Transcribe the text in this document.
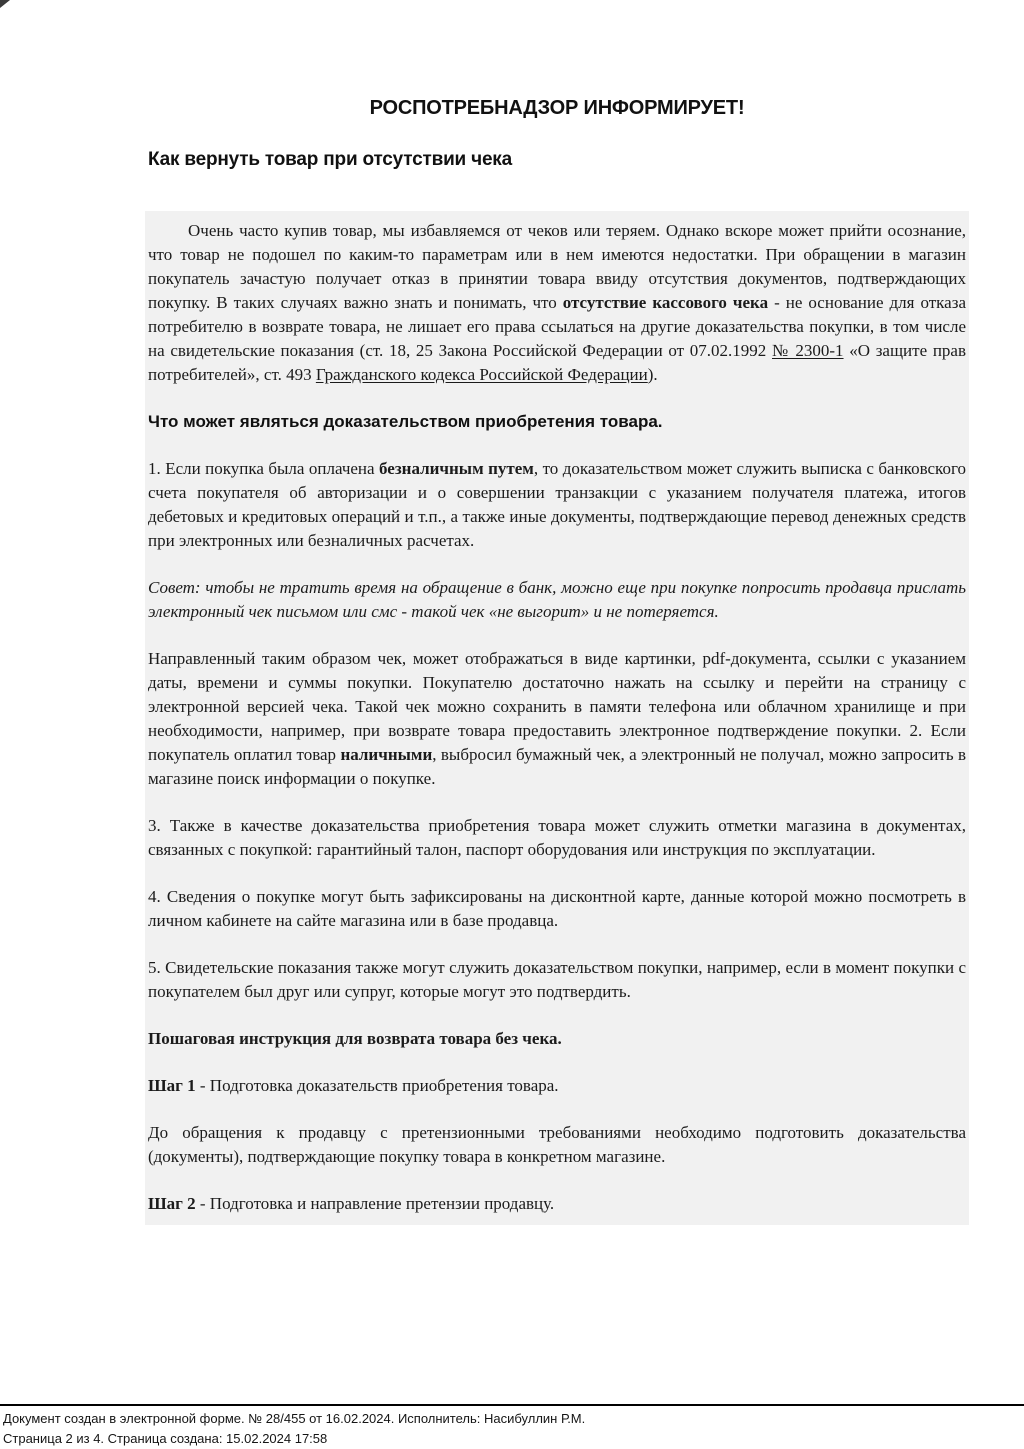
РОСПОТРЕБНАДЗОР ИНФОРМИРУЕТ!
Как вернуть товар при отсутствии чека

Очень часто купив товар, мы избавляемся от чеков или теряем. Однако вскоре может прийти осознание, что товар не подошел по каким-то параметрам или в нем имеются недостатки. При обращении в магазин покупатель зачастую получает отказ в принятии товара ввиду отсутствия документов, подтверждающих покупку. В таких случаях важно знать и понимать, что отсутствие кассового чека - не основание для отказа потребителю в возврате товара, не лишает его права ссылаться на другие доказательства покупки, в том числе на свидетельские показания (ст. 18, 25 Закона Российской Федерации от 07.02.1992 № 2300-1 «О защите прав потребителей», ст. 493 Гражданского кодекса Российской Федерации).

Что может являться доказательством приобретения товара.

1. Если покупка была оплачена безналичным путем, то доказательством может служить выписка с банковского счета покупателя об авторизации и о совершении транзакции с указанием получателя платежа, итогов дебетовых и кредитовых операций и т.п., а также иные документы, подтверждающие перевод денежных средств при электронных или безналичных расчетах.

Совет: чтобы не тратить время на обращение в банк, можно еще при покупке попросить продавца прислать электронный чек письмом или смс - такой чек «не выгорит» и не потеряется.

Направленный таким образом чек, может отображаться в виде картинки, pdf-документа, ссылки с указанием даты, времени и суммы покупки. Покупателю достаточно нажать на ссылку и перейти на страницу с электронной версией чека. Такой чек можно сохранить в памяти телефона или облачном хранилище и при необходимости, например, при возврате товара предоставить электронное подтверждение покупки. 2. Если покупатель оплатил товар наличными, выбросил бумажный чек, а электронный не получал, можно запросить в магазине поиск информации о покупке.

3. Также в качестве доказательства приобретения товара может служить отметки магазина в документах, связанных с покупкой: гарантийный талон, паспорт оборудования или инструкция по эксплуатации.

4. Сведения о покупке могут быть зафиксированы на дисконтной карте, данные которой можно посмотреть в личном кабинете на сайте магазина или в базе продавца.

5. Свидетельские показания также могут служить доказательством покупки, например, если в момент покупки с покупателем был друг или супруг, которые могут это подтвердить.

Пошаговая инструкция для возврата товара без чека.

Шаг 1 - Подготовка доказательств приобретения товара.

До обращения к продавцу с претензионными требованиями необходимо подготовить доказательства (документы), подтверждающие покупку товара в конкретном магазине.

Шаг 2 - Подготовка и направление претензии продавцу.

Документ создан в электронной форме. № 28/455 от 16.02.2024. Исполнитель: Насибуллин Р.М.
Страница 2 из 4. Страница создана: 15.02.2024 17:58
